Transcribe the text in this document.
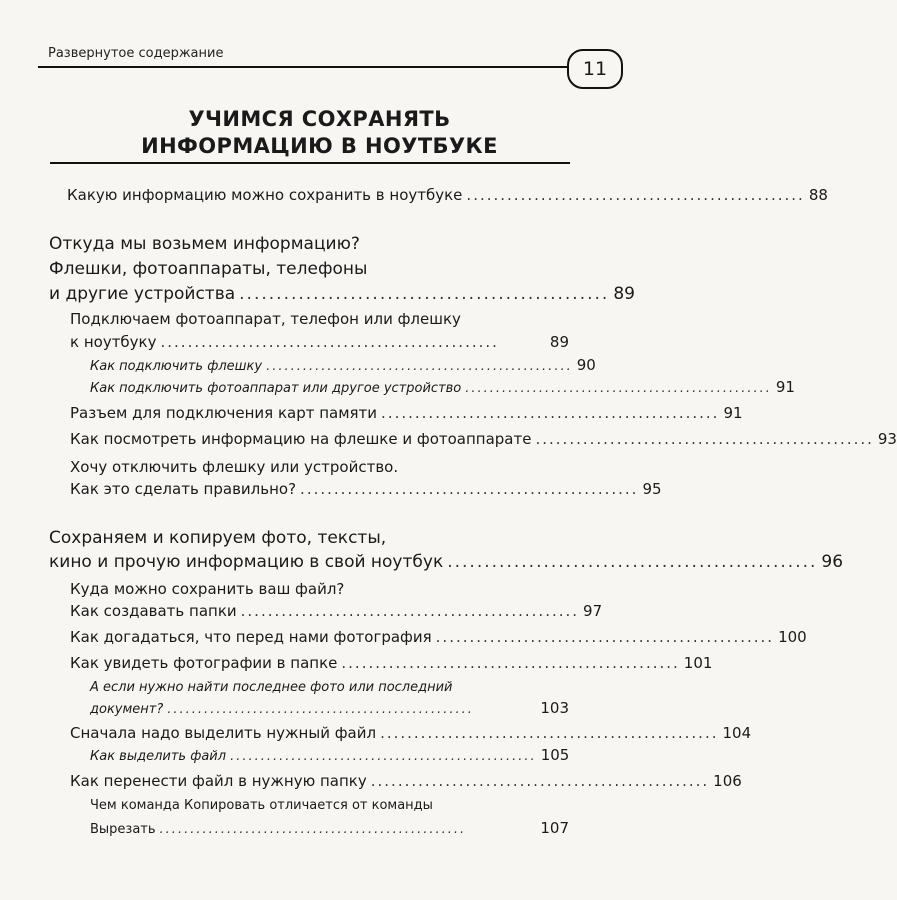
Развернутое содержание
11
УЧИМСЯ СОХРАНЯТЬ
ИНФОРМАЦИЮ В НОУТБУКЕ
Какую информацию можно сохранить в ноутбуке .................................................. 88
Откуда мы возьмем информацию?
Флешки, фотоаппараты, телефоны
и другие устройства .................................................. 89
Подключаем фотоаппарат, телефон или флешку
к ноутбуку ..................................................	89
Как подключить флешку .................................................. 90
Как подключить фотоаппарат или другое устройство .................................................. 91
Разъем для подключения карт памяти .................................................. 91
Как посмотреть информацию на флешке и фотоаппарате .................................................. 93
Хочу отключить флешку или устройство.
Как это сделать правильно? .................................................. 95
Сохраняем и копируем фото, тексты,
кино и прочую информацию в свой ноутбук .................................................. 96
Куда можно сохранить ваш файл?
Как создавать папки .................................................. 97
Как догадаться, что перед нами фотография .................................................. 100
Как увидеть фотографии в папке .................................................. 101
А если нужно найти последнее фото или последний
документ? ..................................................	103
Сначала надо выделить нужный файл .................................................. 104
Как выделить файл .................................................. 105
Как перенести файл в нужную папку .................................................. 106
Чем команда Копировать отличается от команды
Вырезать ..................................................	107
